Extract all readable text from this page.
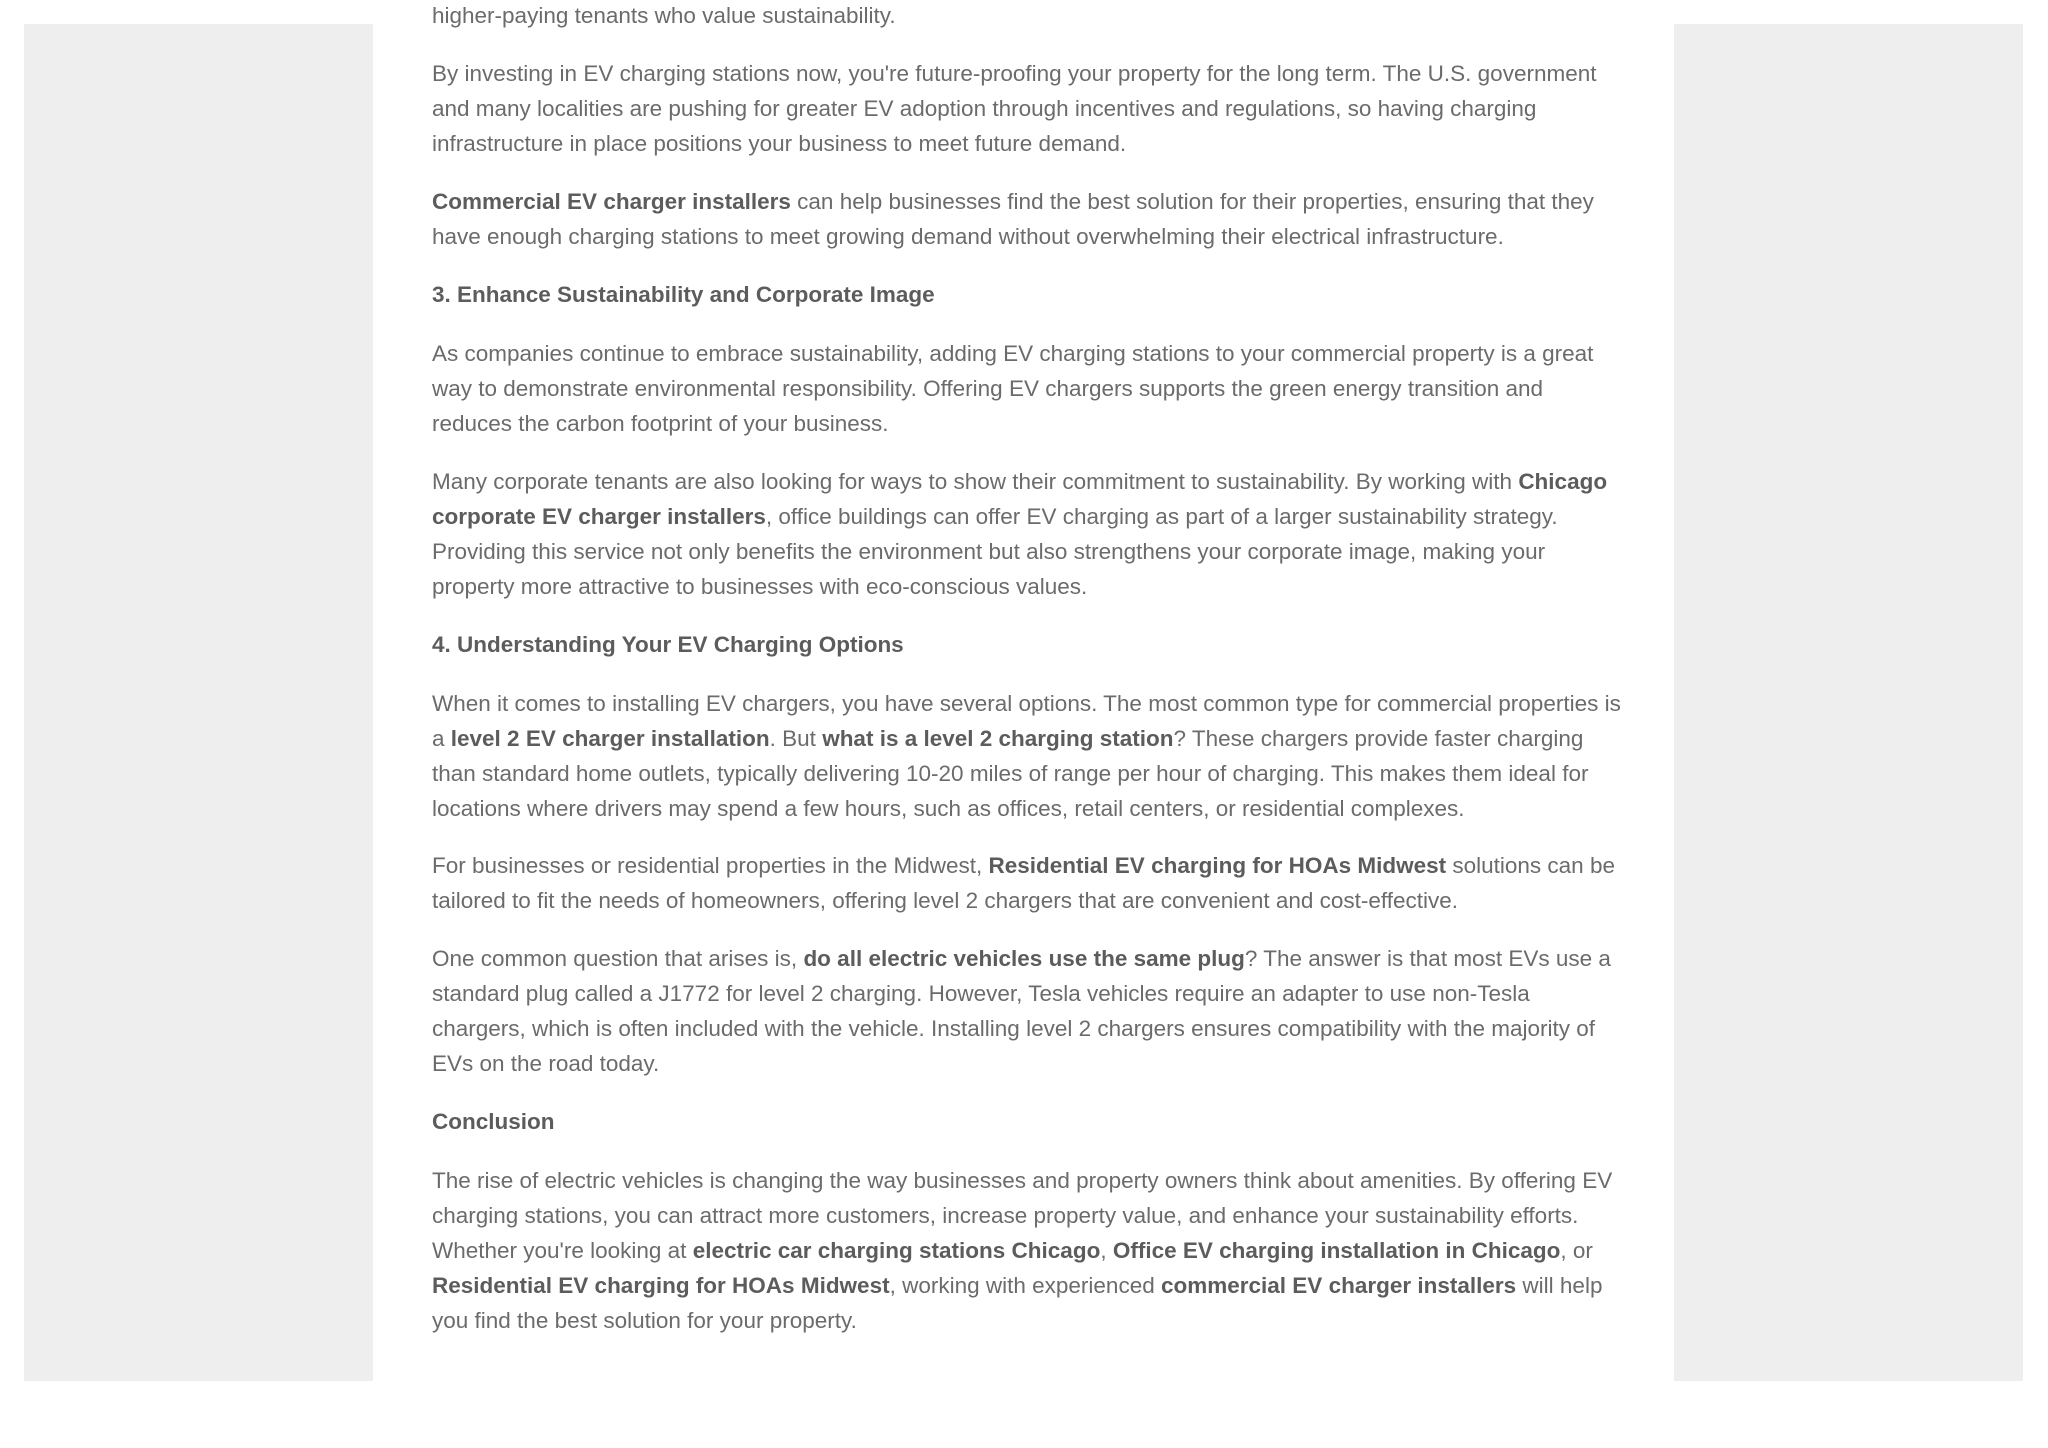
higher-paying tenants who value sustainability.

By investing in EV charging stations now, you're future-proofing your property for the long term. The U.S. government and many localities are pushing for greater EV adoption through incentives and regulations, so having charging infrastructure in place positions your business to meet future demand.

Commercial EV charger installers can help businesses find the best solution for their properties, ensuring that they have enough charging stations to meet growing demand without overwhelming their electrical infrastructure.

3. Enhance Sustainability and Corporate Image

As companies continue to embrace sustainability, adding EV charging stations to your commercial property is a great way to demonstrate environmental responsibility. Offering EV chargers supports the green energy transition and reduces the carbon footprint of your business.

Many corporate tenants are also looking for ways to show their commitment to sustainability. By working with Chicago corporate EV charger installers, office buildings can offer EV charging as part of a larger sustainability strategy. Providing this service not only benefits the environment but also strengthens your corporate image, making your property more attractive to businesses with eco-conscious values.

4. Understanding Your EV Charging Options

When it comes to installing EV chargers, you have several options. The most common type for commercial properties is a level 2 EV charger installation. But what is a level 2 charging station? These chargers provide faster charging than standard home outlets, typically delivering 10-20 miles of range per hour of charging. This makes them ideal for locations where drivers may spend a few hours, such as offices, retail centers, or residential complexes.

For businesses or residential properties in the Midwest, Residential EV charging for HOAs Midwest solutions can be tailored to fit the needs of homeowners, offering level 2 chargers that are convenient and cost-effective.

One common question that arises is, do all electric vehicles use the same plug? The answer is that most EVs use a standard plug called a J1772 for level 2 charging. However, Tesla vehicles require an adapter to use non-Tesla chargers, which is often included with the vehicle. Installing level 2 chargers ensures compatibility with the majority of EVs on the road today.

Conclusion

The rise of electric vehicles is changing the way businesses and property owners think about amenities. By offering EV charging stations, you can attract more customers, increase property value, and enhance your sustainability efforts. Whether you're looking at electric car charging stations Chicago, Office EV charging installation in Chicago, or Residential EV charging for HOAs Midwest, working with experienced commercial EV charger installers will help you find the best solution for your property.
